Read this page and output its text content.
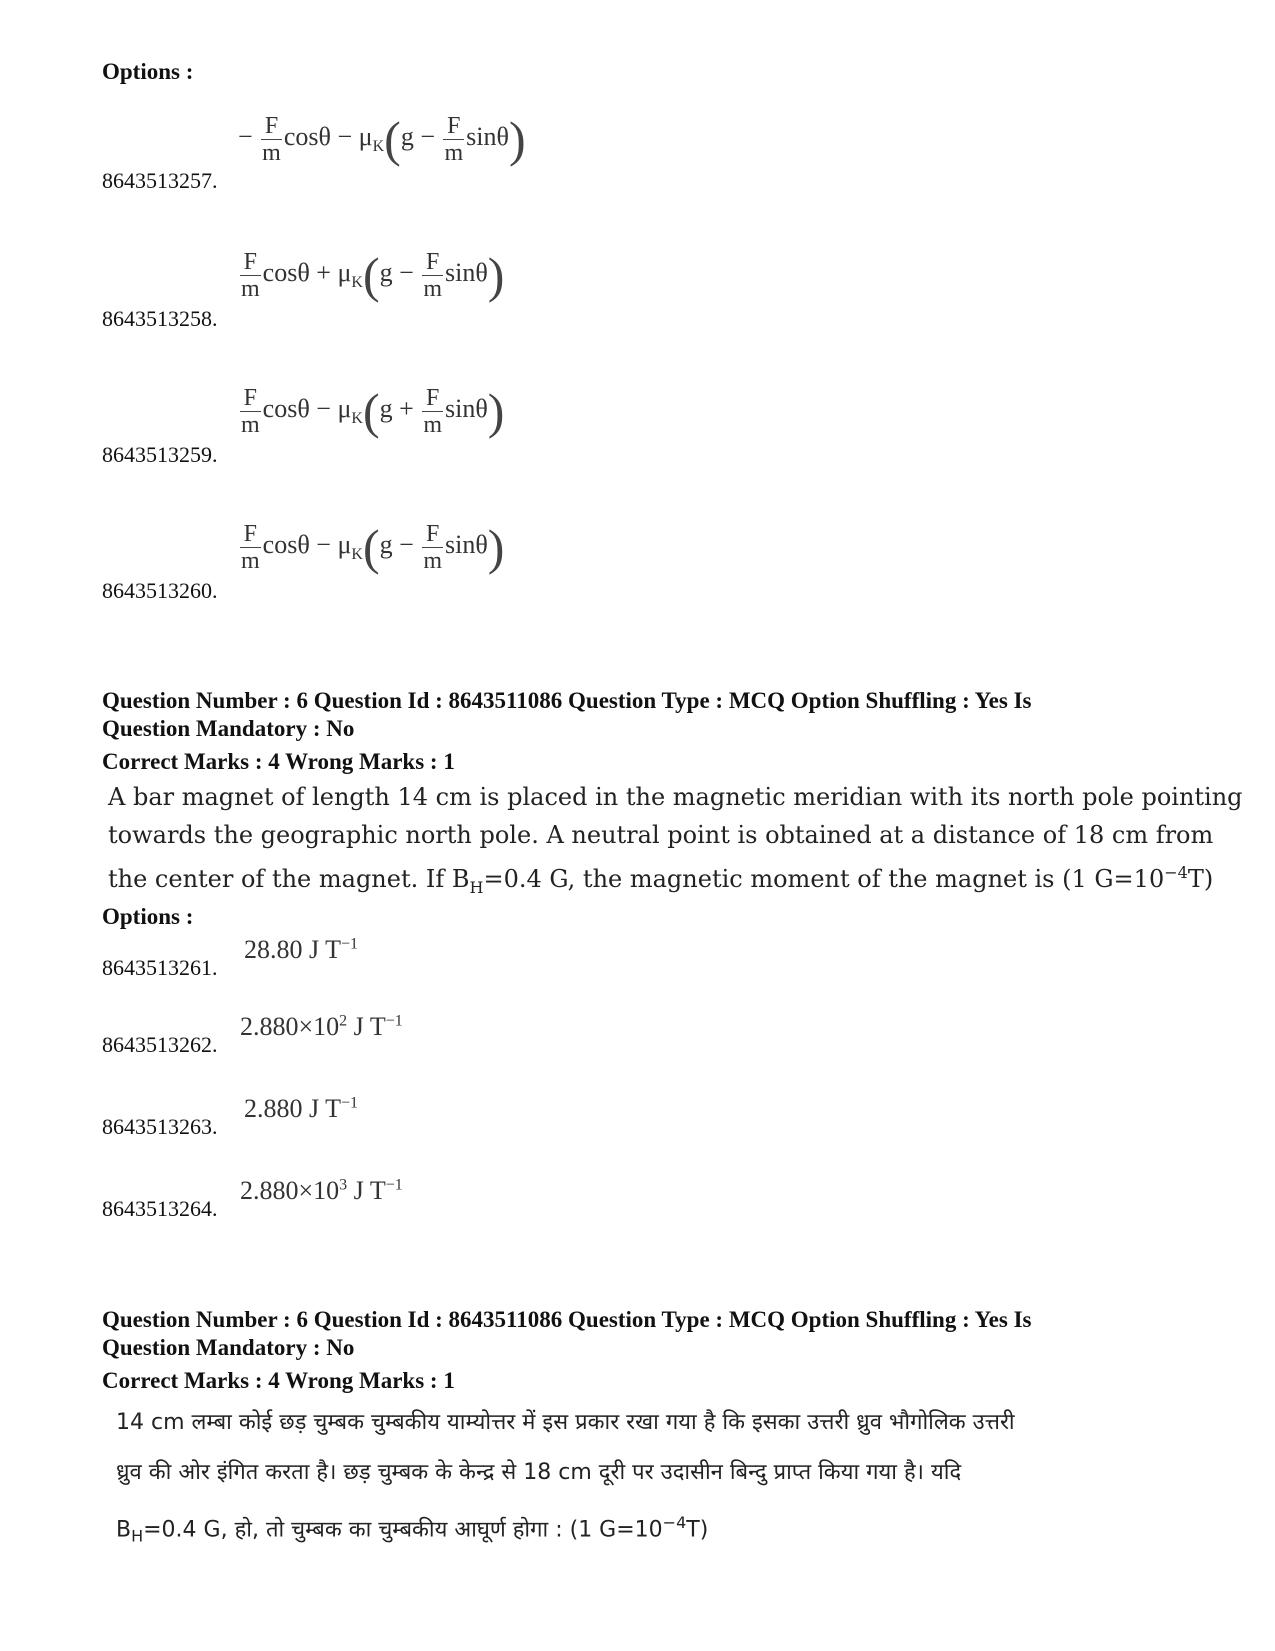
Options :
8643513257.
− $\frac{F}{m}$ $\cos\theta - \mu_K(g - \frac{F}{m} \sin\theta)$
8643513258.
$\frac{F}{m}$ $\cos\theta + \mu_K(g - \frac{F}{m} \sin\theta)$
8643513259.
$\frac{F}{m}$ $\cos\theta - \mu_K(g + \frac{F}{m} \sin\theta)$
8643513260.
$\frac{F}{m}$ $\cos\theta - \mu_K(g - \frac{F}{m} \sin\theta)$
Question Number : 6 Question Id : 8643511086 Question Type : MCQ Option Shuffling : Yes Is
Question Mandatory : No
Correct Marks : 4 Wrong Marks : 1
A bar magnet of length 14 cm is placed in the magnetic meridian with its north pole pointing
towards the geographic north pole. A neutral point is obtained at a distance of 18 cm from
the center of the magnet. If $B_H=0.4$ G, the magnetic moment of the magnet is (1 $G=10^{-4}T$)
Options :
8643513261.
28.80 J $T^{-1}$
8643513262.
$2.880\times 10^2$ J $T^{-1}$
8643513263.
2.880 J $T^{-1}$
8643513264.
$2.880\times 10^3$ J $T^{-1}$
Question Number : 6 Question Id : 8643511086 Question Type : MCQ Option Shuffling : Yes Is
Question Mandatory : No
Correct Marks : 4 Wrong Marks : 1
14 cm लम्बा कोई छड़ चुम्बक चुम्बकीय याम्योत्तर में इस प्रकार रखा गया है कि इसका उत्तरी ध्रुव भौगोलिक उत्तरी
ध्रुव की ओर इंगित करता है। छड़ चुम्बक के केन्द्र से 18 cm दूरी पर उदासीन बिन्दु प्राप्त किया गया है। यदि
$B_H=0.4$ G, हो, तो चुम्बक का चुम्बकीय आघूर्ण होगा : (1 $G=10^{-4}T$)
